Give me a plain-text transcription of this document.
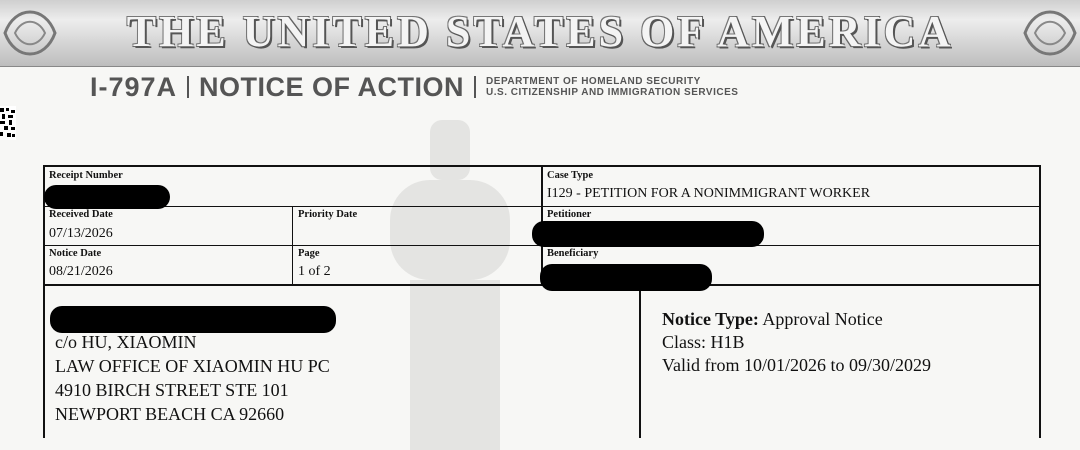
THE UNITED STATES OF AMERICA
I-797A NOTICE OF ACTION DEPARTMENT OF HOMELAND SECURITY
U.S. CITIZENSHIP AND IMMIGRATION SERVICES
Receipt Number	Case Type
I129 - PETITION FOR A NONIMMIGRANT WORKER
Received Date
07/13/2026
Priority Date	Petitioner
Notice Date
08/21/2026
Page
1 of 2
Beneficiary
c/o HU, XIAOMIN
LAW OFFICE OF XIAOMIN HU PC
4910 BIRCH STREET STE 101
NEWPORT BEACH CA 92660
Notice Type: Approval Notice
Class: H1B
Valid from 10/01/2026 to 09/30/2029
